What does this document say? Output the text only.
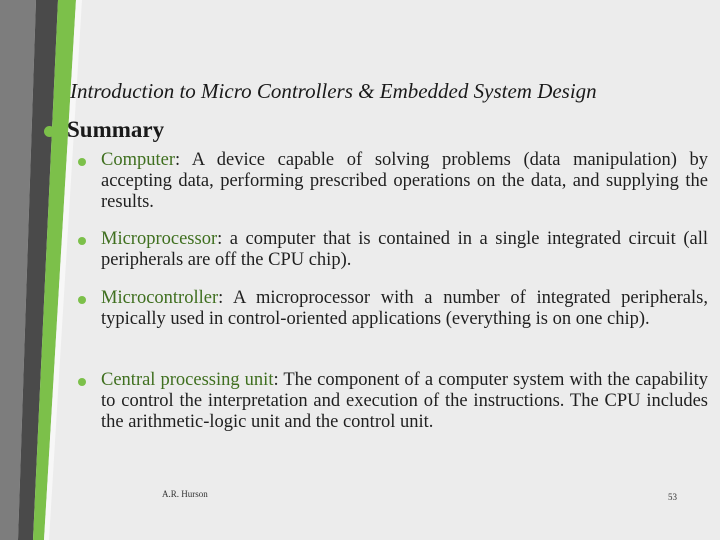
Introduction to Micro Controllers & Embedded System Design
Summary
Computer: A device capable of solving problems (data manipulation) by accepting data, performing prescribed operations on the data, and supplying the results.
Microprocessor: a computer that is contained in a single integrated circuit (all peripherals are off the CPU chip).
Microcontroller: A microprocessor with a number of integrated peripherals, typically used in control-oriented applications (everything is on one chip).
Central processing unit: The component of a computer system with the capability to control the interpretation and execution of the instructions. The CPU includes the arithmetic-logic unit and the control unit.
A.R. Hurson	53
